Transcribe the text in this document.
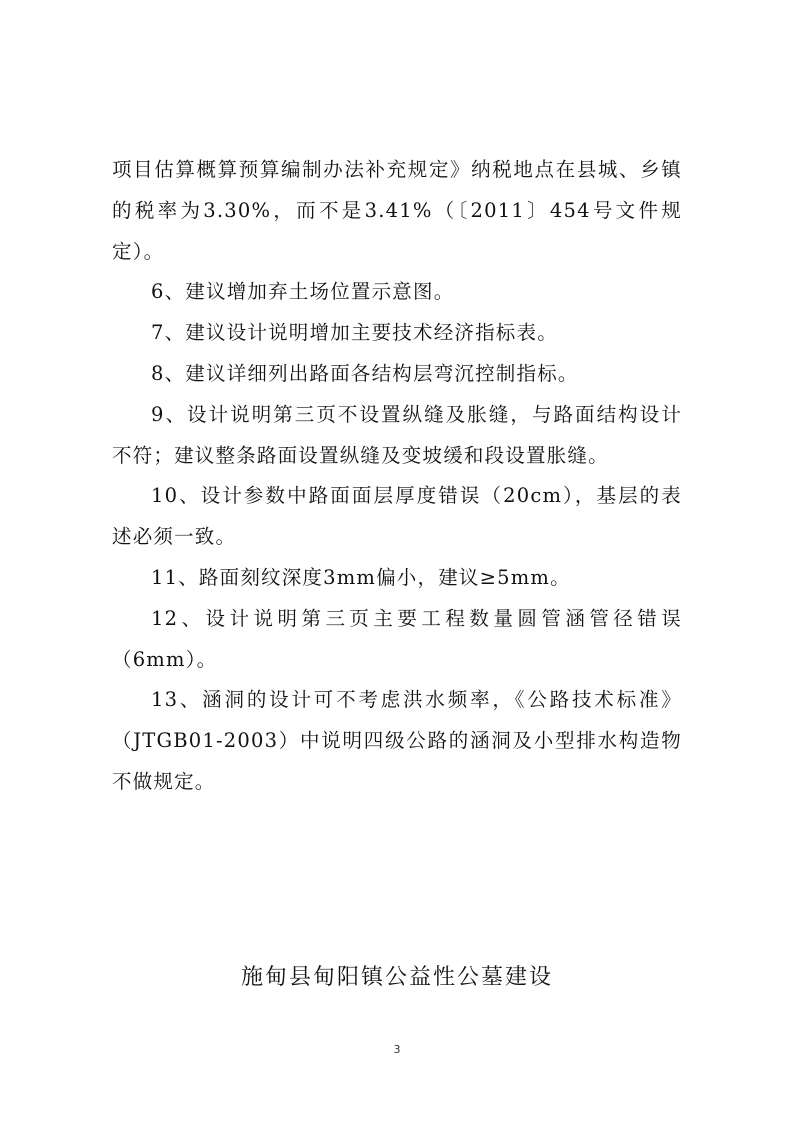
项目估算概算预算编制办法补充规定》纳税地点在县城、乡镇的税率为3.30%，而不是3.41%（〔2011〕454号文件规定）。

6、建议增加弃土场位置示意图。

7、建议设计说明增加主要技术经济指标表。

8、建议详细列出路面各结构层弯沉控制指标。

9、设计说明第三页不设置纵缝及胀缝，与路面结构设计不符；建议整条路面设置纵缝及变坡缓和段设置胀缝。

10、设计参数中路面面层厚度错误（20cm），基层的表述必须一致。

11、路面刻纹深度3mm偏小，建议≥5mm。

12、设计说明第三页主要工程数量圆管涵管径错误（6mm）。

13、涵洞的设计可不考虑洪水频率，《公路技术标准》（JTGB01-2003）中说明四级公路的涵洞及小型排水构造物不做规定。

施甸县甸阳镇公益性公墓建设
3
